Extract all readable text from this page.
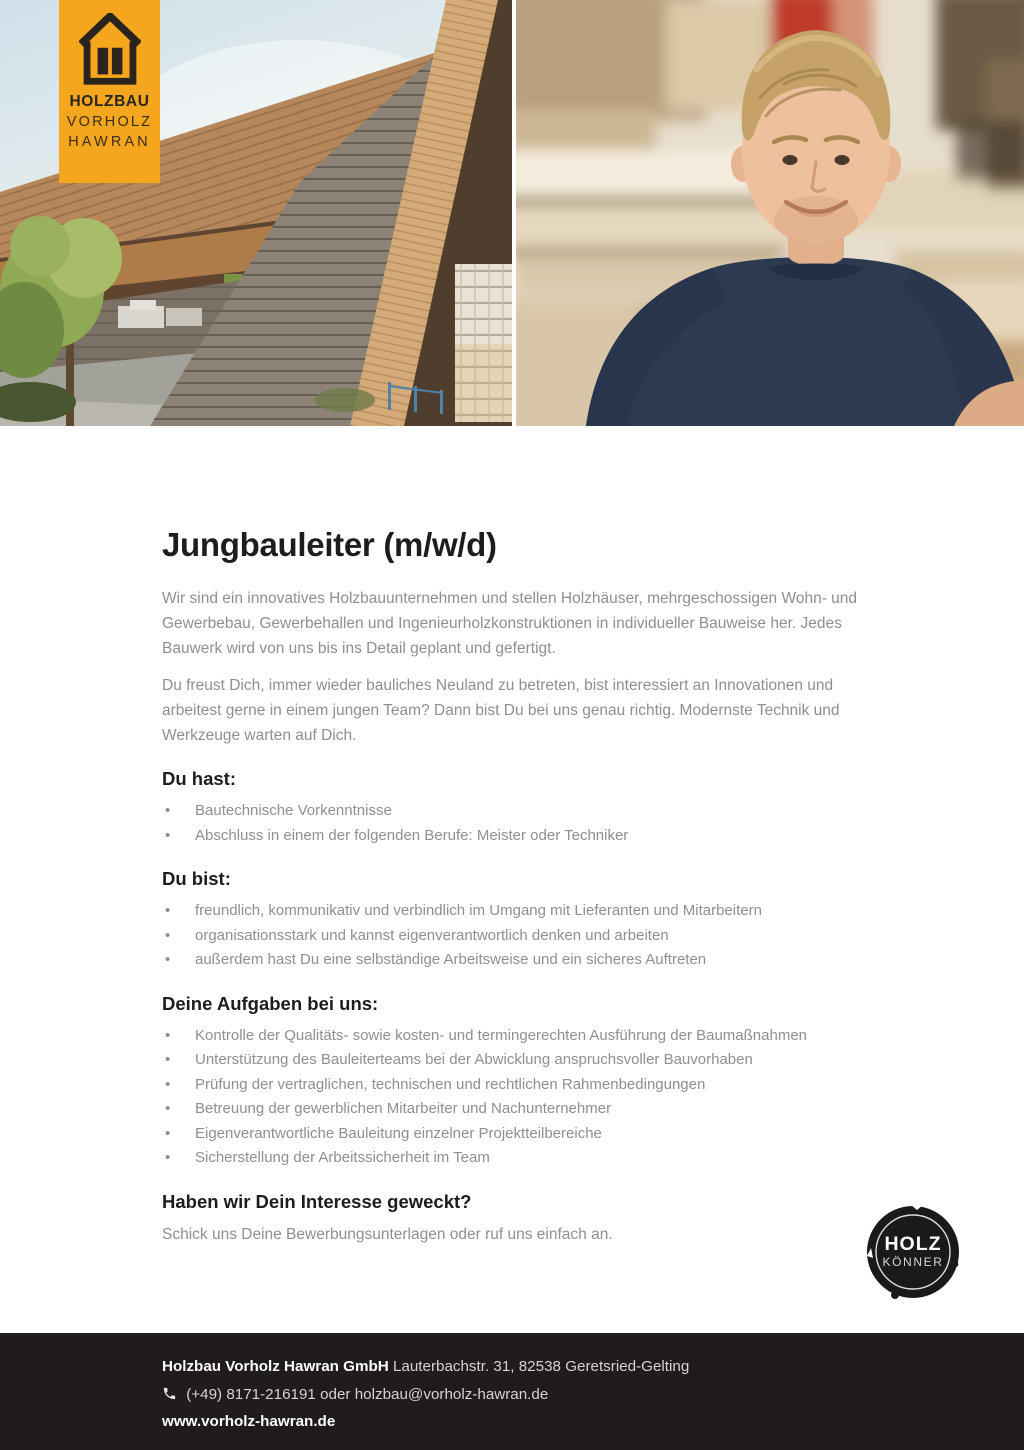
HOLZBAU
VORHOLZ
HAWRAN
Jungbauleiter (m/w/d)

Wir sind ein innovatives Holzbauunternehmen und stellen Holzhäuser, mehrgeschossigen Wohn- und Gewerbebau, Gewerbehallen und Ingenieurholzkonstruktionen in individueller Bauweise her. Jedes Bauwerk wird von uns bis ins Detail geplant und gefertigt.

Du freust Dich, immer wieder bauliches Neuland zu betreten, bist interessiert an Innovationen und arbeitest gerne in einem jungen Team? Dann bist Du bei uns genau richtig. Modernste Technik und Werkzeuge warten auf Dich.

Du hast:
• Bautechnische Vorkenntnisse
• Abschluss in einem der folgenden Berufe: Meister oder Techniker
Du bist:
• freundlich, kommunikativ und verbindlich im Umgang mit Lieferanten und Mitarbeitern
• organisationsstark und kannst eigenverantwortlich denken und arbeiten
• außerdem hast Du eine selbständige Arbeitsweise und ein sicheres Auftreten
Deine Aufgaben bei uns:
• Kontrolle der Qualitäts- sowie kosten- und termingerechten Ausführung der Baumaßnahmen
• Unterstützung des Bauleiterteams bei der Abwicklung anspruchsvoller Bauvorhaben
• Prüfung der vertraglichen, technischen und rechtlichen Rahmenbedingungen
• Betreuung der gewerblichen Mitarbeiter und Nachunternehmer
• Eigenverantwortliche Bauleitung einzelner Projektteilbereiche
• Sicherstellung der Arbeitssicherheit im Team
Haben wir Dein Interesse geweckt?

Schick uns Deine Bewerbungsunterlagen oder ruf uns einfach an.	HOLZ
KÖNNER
Holzbau Vorholz Hawran GmbH Lauterbachstr. 31, 82538 Geretsried-Gelting
(+49) 8171-216191 oder holzbau@vorholz-hawran.de
www.vorholz-hawran.de
